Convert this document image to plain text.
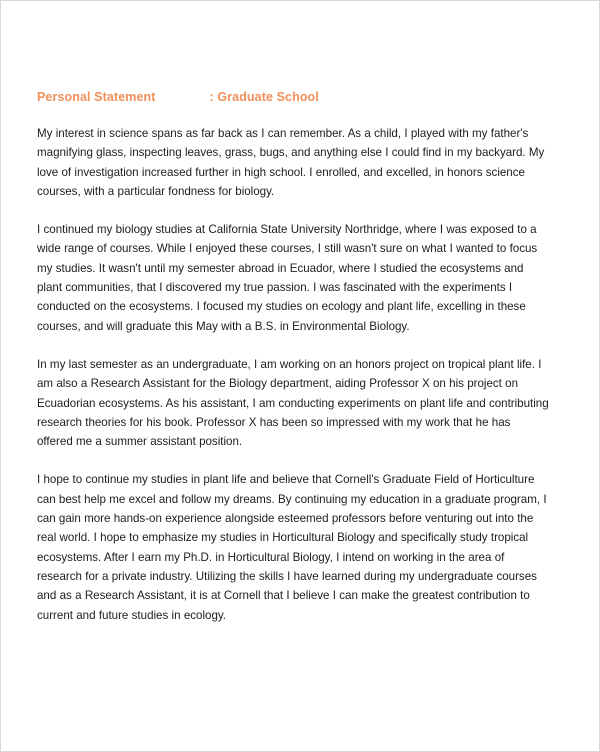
Personal Statement	: Graduate School

My interest in science spans as far back as I can remember. As a child, I played with my father's magnifying glass, inspecting leaves, grass, bugs, and anything else I could find in my backyard. My love of investigation increased further in high school. I enrolled, and excelled, in honors science courses, with a particular fondness for biology.

I continued my biology studies at California State University Northridge, where I was exposed to a wide range of courses. While I enjoyed these courses, I still wasn't sure on what I wanted to focus my studies. It wasn't until my semester abroad in Ecuador, where I studied the ecosystems and plant communities, that I discovered my true passion. I was fascinated with the experiments I conducted on the ecosystems. I focused my studies on ecology and plant life, excelling in these courses, and will graduate this May with a B.S. in Environmental Biology.

In my last semester as an undergraduate, I am working on an honors project on tropical plant life. I am also a Research Assistant for the Biology department, aiding Professor X on his project on Ecuadorian ecosystems. As his assistant, I am conducting experiments on plant life and contributing research theories for his book. Professor X has been so impressed with my work that he has offered me a summer assistant position.

I hope to continue my studies in plant life and believe that Cornell's Graduate Field of Horticulture can best help me excel and follow my dreams. By continuing my education in a graduate program, I can gain more hands-on experience alongside esteemed professors before venturing out into the real world. I hope to emphasize my studies in Horticultural Biology and specifically study tropical ecosystems. After I earn my Ph.D. in Horticultural Biology, I intend on working in the area of research for a private industry. Utilizing the skills I have learned during my undergraduate courses and as a Research Assistant, it is at Cornell that I believe I can make the greatest contribution to current and future studies in ecology.
